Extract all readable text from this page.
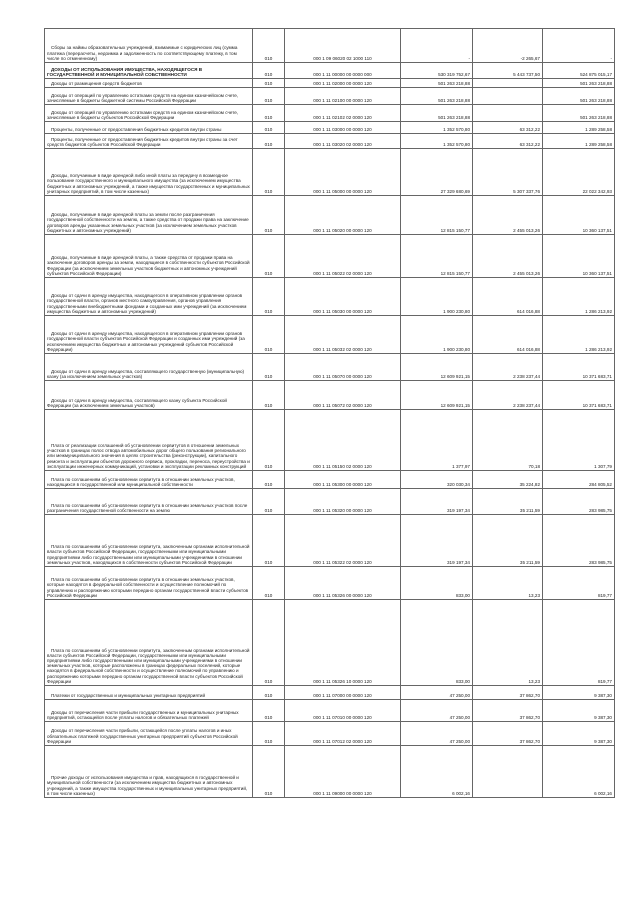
Сборы за наймы образовательных учреждений, взимаемые с юридических лиц (сумма платежа (перерасчеты, недоимка и задолженность по соответствующему платежу, в том числе по отмененному)	010	000 1 09 06020 02 1000 110	-	-2 265,67	-

ДОХОДЫ ОТ ИСПОЛЬЗОВАНИЯ ИМУЩЕСТВА, НАХОДЯЩЕГОСЯ В ГОСУДАРСТВЕННОЙ И МУНИЦИПАЛЬНОЙ СОБСТВЕННОСТИ	010	000 1 11 00000 00 0000 000	530 319 752,67	5 443 737,50	524 875 015,17

Доходы от размещения средств бюджетов	010	000 1 11 02000 00 0000 120	501 263 218,88		501 263 218,88

Доходы от операций по управлению остатками средств на едином казначейском счете, зачисляемые в бюджеты бюджетной системы Российской Федерации	010	000 1 11 02100 00 0000 120	501 263 218,88		501 263 218,88

Доходы от операций по управлению остатками средств на едином казначейском счете, зачисляемые в бюджеты субъектов Российской Федерации	010	000 1 11 02102 02 0000 120	501 263 218,88		501 263 218,88

Проценты, полученные от предоставления бюджетных кредитов внутри страны	010	000 1 11 03000 00 0000 120	1 352 570,80	63 312,22	1 289 258,58

Проценты, полученные от предоставления бюджетных кредитов внутри страны за счет средств бюджетов субъектов Российской Федерации	010	000 1 11 03020 02 0000 120	1 352 570,80	63 312,22	1 289 258,58

Доходы, получаемые в виде арендной либо иной платы за передачу в возмездное пользование государственного и муниципального имущества (за исключением имущества бюджетных и автономных учреждений, а также имущества государственных и муниципальных унитарных предприятий, в том числе казенных)	010	000 1 11 05000 00 0000 120	27 329 680,69	5 307 337,76	22 022 342,93

Доходы, получаемые в виде арендной платы за земли после разграничения государственной собственности на землю, а также средства от продажи права на заключение договоров аренды указанных земельных участков (за исключением земельных участков бюджетных и автономных учреждений)	010	000 1 11 05020 00 0000 120	12 815 150,77	2 455 013,26	10 360 137,51

Доходы, получаемые в виде арендной платы, а также средства от продажи права на заключение договоров аренды за земли, находящиеся в собственности субъектов Российской Федерации (за исключением земельных участков бюджетных и автономных учреждений субъектов Российской Федерации)	010	000 1 11 05022 02 0000 120	12 815 150,77	2 455 013,26	10 360 137,51

Доходы от сдачи в аренду имущества, находящегося в оперативном управлении органов государственной власти, органов местного самоуправления, органов управления государственными внебюджетными фондами и созданных ими учреждений (за исключением имущества бюджетных и автономных учреждений)	010	000 1 11 05030 00 0000 120	1 900 230,80	614 016,88	1 286 213,92

Доходы от сдачи в аренду имущества, находящегося в оперативном управлении органов государственной власти субъектов Российской Федерации и созданных ими учреждений (за исключением имущества бюджетных и автономных учреждений субъектов Российской Федерации)	010	000 1 11 05032 02 0000 120	1 900 230,80	614 016,88	1 286 213,92

Доходы от сдачи в аренду имущества, составляющего государственную (муниципальную) казну (за исключением земельных участков)	010	000 1 11 05070 00 0000 120	12 609 921,15	2 238 237,44	10 371 683,71

Доходы от сдачи в аренду имущества, составляющего казну субъекта Российской Федерации (за исключением земельных участков)	010	000 1 11 05072 02 0000 120	12 609 921,15	2 238 237,44	10 371 683,71

Плата от реализации соглашений об установлении сервитутов в отношении земельных участков в границах полос отвода автомобильных дорог общего пользования регионального или межмуниципального значения в целях строительства (реконструкции), капитального ремонта и эксплуатации объектов дорожного сервиса, прокладки, переноса, переустройства и эксплуатации инженерных коммуникаций, установки и эксплуатации рекламных конструкций	010	000 1 11 05150 02 0000 120	1 377,97	70,18	1 307,79

Плата по соглашениям об установлении сервитута в отношении земельных участков, находящихся в государственной или муниципальной собственности	010	000 1 11 05300 00 0000 120	320 030,34	35 224,82	284 805,52

Плата по соглашениям об установлении сервитута в отношении земельных участков после разграничения государственной собственности на землю	010	000 1 11 05320 00 0000 120	319 197,34	35 211,59	283 985,75

Плата по соглашениям об установлении сервитута, заключенным органами исполнительной власти субъектов Российской Федерации, государственными или муниципальными предприятиями либо государственными или муниципальными учреждениями в отношении земельных участков, находящихся в собственности субъектов Российской Федерации	010	000 1 11 05322 02 0000 120	319 197,34	35 211,59	283 985,75

Плата по соглашениям об установлении сервитута в отношении земельных участков, которые находятся в федеральной собственности и осуществление полномочий по управлению и распоряжению которыми передано органам государственной власти субъектов Российской Федерации	010	000 1 11 05326 00 0000 120	833,00	13,23	819,77

Плата по соглашениям об установлении сервитута, заключенным органами исполнительной власти субъектов Российской Федерации, государственными или муниципальными предприятиями либо государственными или муниципальными учреждениями в отношении земельных участков, которые расположены в границах федеральных поселений, которые находятся в федеральной собственности и осуществление полномочий по управлению и распоряжению которыми передано органам государственной власти субъектов Российской Федерации	010	000 1 11 05326 10 0000 120	833,00	13,23	819,77

Платежи от государственных и муниципальных унитарных предприятий	010	000 1 11 07000 00 0000 120	47 250,00	37 862,70	9 387,30

Доходы от перечисления части прибыли государственных и муниципальных унитарных предприятий, остающейся после уплаты налогов и обязательных платежей	010	000 1 11 07010 00 0000 120	47 250,00	37 862,70	9 387,30

Доходы от перечисления части прибыли, остающейся после уплаты налогов и иных обязательных платежей государственных унитарных предприятий субъектов Российской Федерации	010	000 1 11 07012 02 0000 120	47 250,00	37 862,70	9 387,30

Прочие доходы от использования имущества и прав, находящихся в государственной и муниципальной собственности (за исключением имущества бюджетных и автономных учреждений, а также имущества государственных и муниципальных унитарных предприятий, в том числе казенных)	010	000 1 11 09000 00 0000 120	6 002,16		6 002,16
